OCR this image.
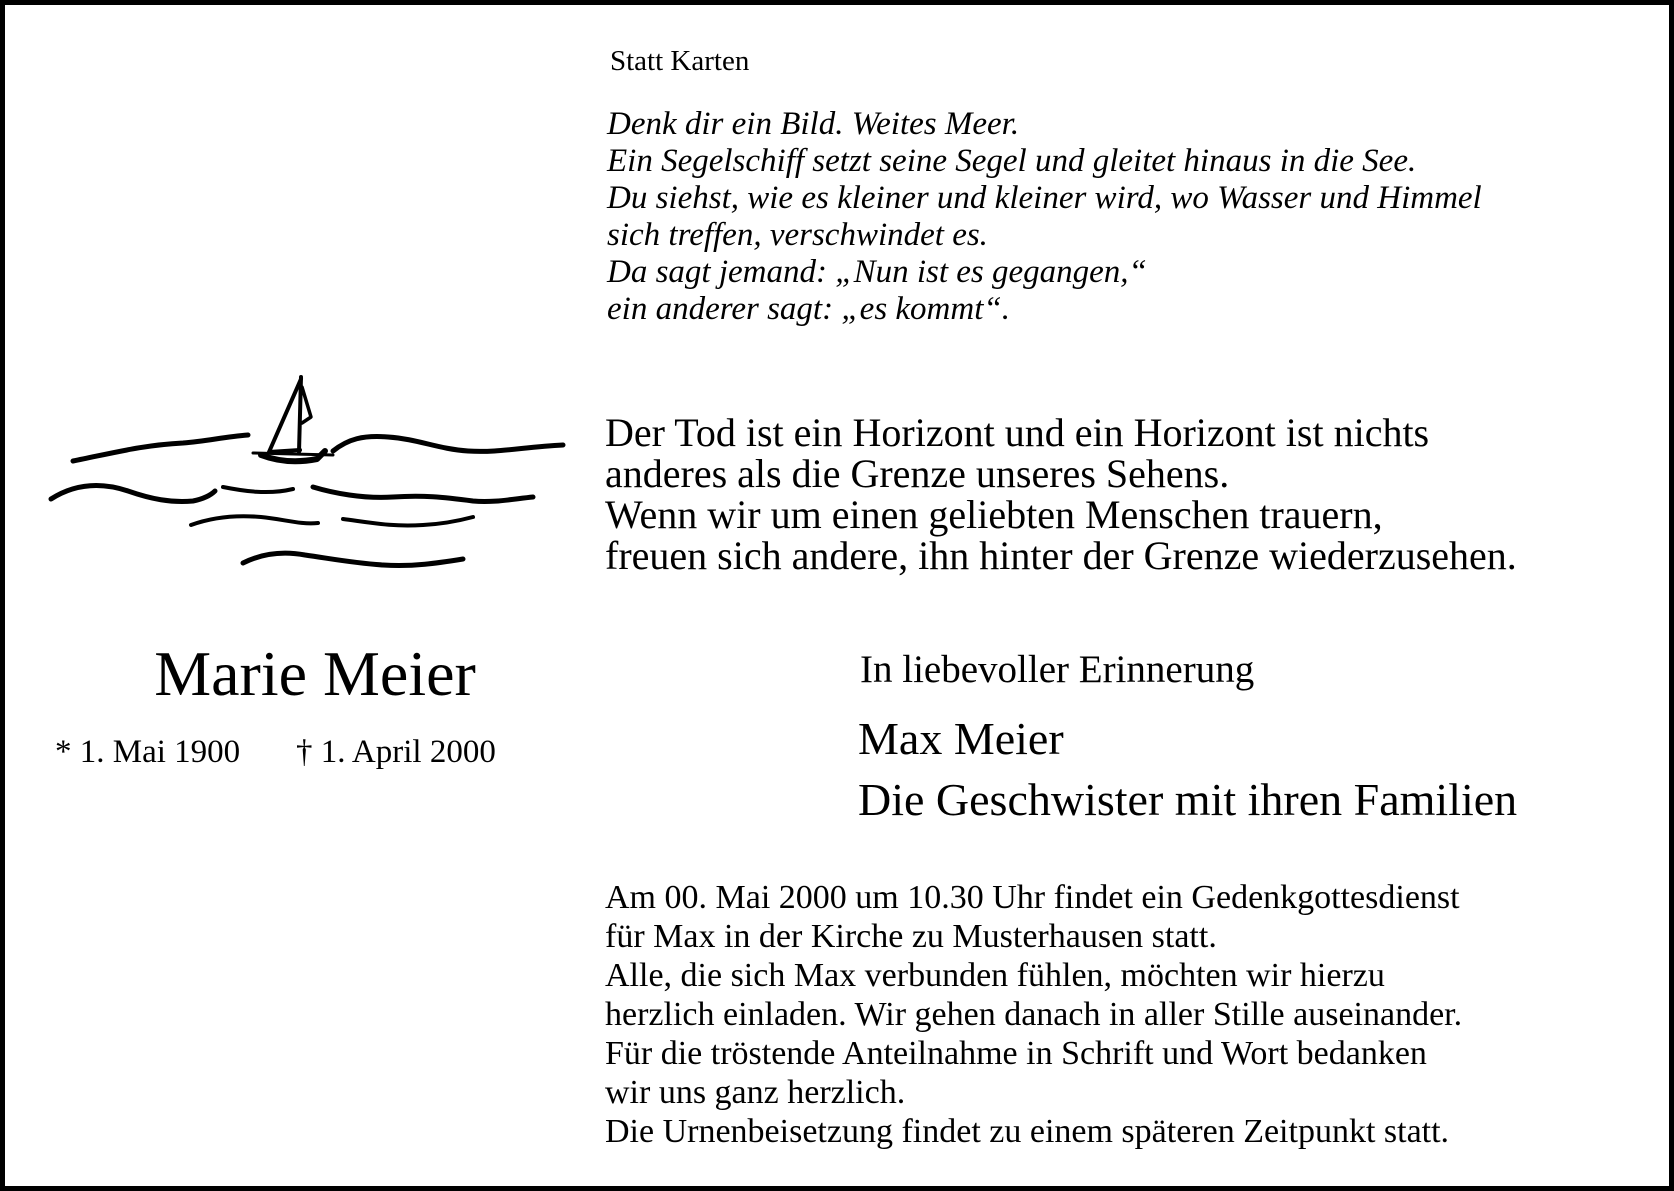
Statt Karten
Denk dir ein Bild. Weites Meer.
Ein Segelschiff setzt seine Segel und gleitet hinaus in die See.
Du siehst, wie es kleiner und kleiner wird, wo Wasser und Himmel
sich treffen, verschwindet es.
Da sagt jemand: „Nun ist es gegangen,“
ein anderer sagt: „es kommt“.
Der Tod ist ein Horizont und ein Horizont ist nichts
anderes als die Grenze unseres Sehens.
Wenn wir um einen geliebten Menschen trauern,
freuen sich andere, ihn hinter der Grenze wiederzusehen.
Marie Meier
* 1. Mai 1900 † 1. April 2000
In liebevoller Erinnerung
Max Meier
Die Geschwister mit ihren Familien
Am 00. Mai 2000 um 10.30 Uhr findet ein Gedenkgottesdienst
für Max in der Kirche zu Musterhausen statt.
Alle, die sich Max verbunden fühlen, möchten wir hierzu
herzlich einladen. Wir gehen danach in aller Stille auseinander.
Für die tröstende Anteilnahme in Schrift und Wort bedanken
wir uns ganz herzlich.
Die Urnenbeisetzung findet zu einem späteren Zeitpunkt statt.
